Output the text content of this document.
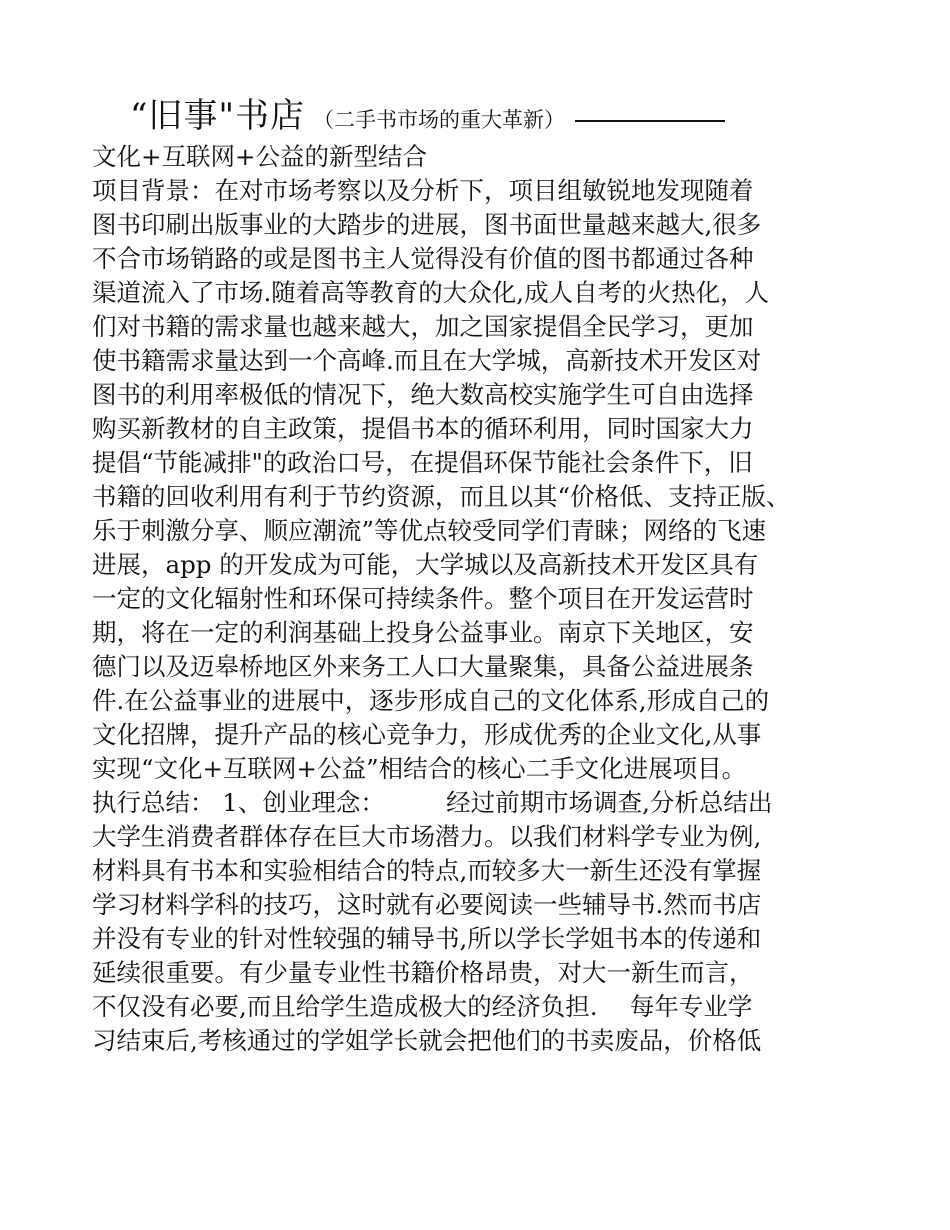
“旧事"书店 （二手书市场的重大革新）
文化+互联网+公益的新型结合
项目背景：在对市场考察以及分析下，项目组敏锐地发现随着
图书印刷出版事业的大踏步的进展，图书面世量越来越大,很多
不合市场销路的或是图书主人觉得没有价值的图书都通过各种
渠道流入了市场.随着高等教育的大众化,成人自考的火热化，人
们对书籍的需求量也越来越大，加之国家提倡全民学习，更加
使书籍需求量达到一个高峰.而且在大学城，高新技术开发区对
图书的利用率极低的情况下，绝大数高校实施学生可自由选择
购买新教材的自主政策，提倡书本的循环利用，同时国家大力
提倡“节能减排"的政治口号，在提倡环保节能社会条件下，旧
书籍的回收利用有利于节约资源，而且以其“价格低、支持正版、
乐于刺激分享、顺应潮流”等优点较受同学们青睐；网络的飞速
进展，app 的开发成为可能，大学城以及高新技术开发区具有
一定的文化辐射性和环保可持续条件。整个项目在开发运营时
期，将在一定的利润基础上投身公益事业。南京下关地区，安
德门以及迈皋桥地区外来务工人口大量聚集，具备公益进展条
件.在公益事业的进展中，逐步形成自己的文化体系,形成自己的
文化招牌，提升产品的核心竞争力，形成优秀的企业文化,从事
实现“文化+互联网+公益”相结合的核心二手文化进展项目。
执行总结： 1、创业理念：　　　经过前期市场调查,分析总结出
大学生消费者群体存在巨大市场潜力。以我们材料学专业为例,
材料具有书本和实验相结合的特点,而较多大一新生还没有掌握
学习材料学科的技巧，这时就有必要阅读一些辅导书.然而书店
并没有专业的针对性较强的辅导书,所以学长学姐书本的传递和
延续很重要。有少量专业性书籍价格昂贵，对大一新生而言，
不仅没有必要,而且给学生造成极大的经济负担.　 每年专业学
习结束后,考核通过的学姐学长就会把他们的书卖废品，价格低
